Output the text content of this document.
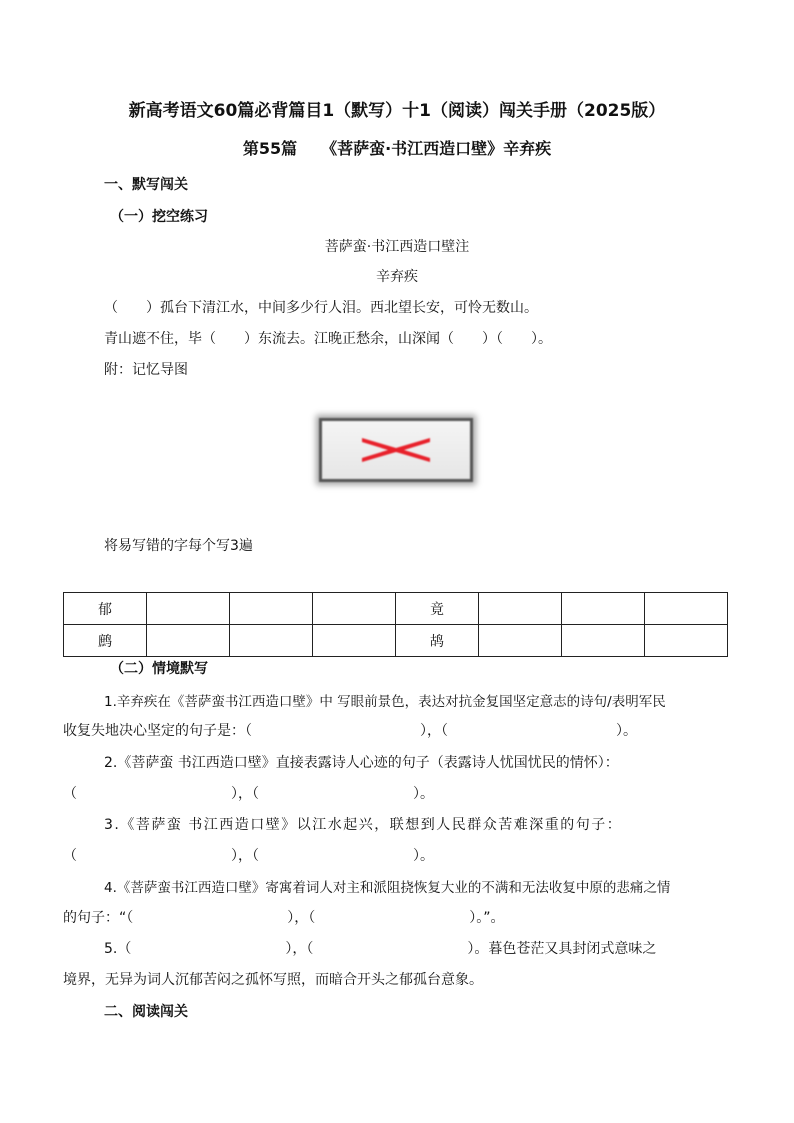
新高考语文60篇必背篇目1（默写）十1（阅读）闯关手册（2025版）
第55篇　　《菩萨蛮·书江西造口壁》辛弃疾
一、默写闯关
（一）挖空练习
菩萨蛮·书江西造口壁注
辛弃疾
（　　）孤台下清江水，中间多少行人泪。西北望长安，可怜无数山。
青山遮不住，毕（　　）东流去。江晚正愁余，山深闻（　　）（　　）。
附：记忆导图
将易写错的字每个写3遍
郁				竟			
鹧				鸪			
（二）情境默写
1.辛弃疾在《菩萨蛮书江西造口壁》中 写眼前景色，表达对抗金复国坚定意志的诗句/表明军民
收复失地决心坚定的句子是：（　　　　　　　　　　　　），（　　　　　　　　　　　　）。
2.《菩萨蛮 书江西造口壁》直接表露诗人心迹的句子（表露诗人忧国忧民的情怀）：
（　　　　　　　　　　　），（　　　　　　　　　　　）。
3.《菩萨蛮 书江西造口壁》以江水起兴，联想到人民群众苦难深重的句子：
（　　　　　　　　　　　），（　　　　　　　　　　　）。
4.《菩萨蛮书江西造口壁》寄寓着词人对主和派阻挠恢复大业的不满和无法收复中原的悲痛之情
的句子：“（　　　　　　　　　　　），（　　　　　　　　　　　）。”。
5.（　　　　　　　　　　　），（　　　　　　　　　　　）。暮色苍茫又具封闭式意味之
境界，无异为词人沉郁苦闷之孤怀写照，而暗合开头之郁孤台意象。
二、阅读闯关
